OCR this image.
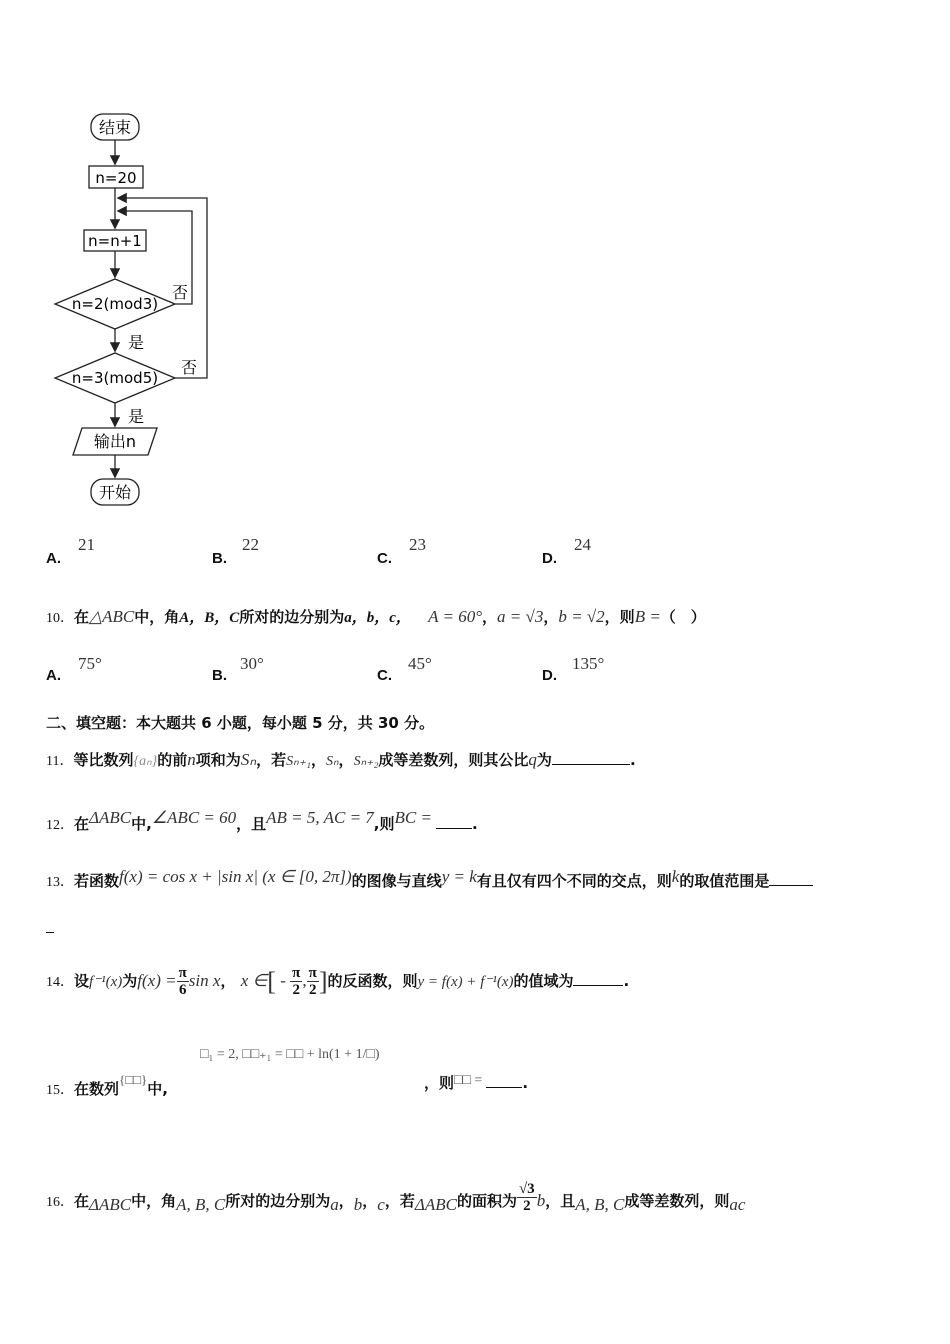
结束
n=20
n=n+1
n=2(mod3)
否
是
n=3(mod5)
否
是
输出n
开始
A.
21
B.
22
C.
23
D.
24
10．在△ABC中，角A，B，C所对的边分别为a，b，c， A = 60°，a = √3，b = √2，则B =（　）
A.
75°
B.
30°
C.
45°
D.
135°
二、填空题：本大题共 6 小题，每小题 5 分，共 30 分。
11．等比数列{aₙ}的前n项和为Sₙ，若Sₙ₊₁，Sₙ，Sₙ₊₂成等差数列，则其公比q为	.
12．在ΔABC中,∠ABC = 60，且AB = 5, AC = 7,则BC =	.
13．若函数f(x) = cos x + |sin x| (x ∈ [0, 2π])的图像与直线y = k有且仅有四个不同的交点，则k的取值范围是
14．设f⁻¹(x)为$f(x) = \frac{\pi}{6}$ sin x， x ∈[ - $\frac{\pi}{2}$ , $\frac{\pi}{2}$ ]的反函数，则y = f(x) + f⁻¹(x)的值域为	.
15．在数列{□□}中,
□₁ = 2, □□₊₁ = □□ + ln(1 + 1/□)
，则□□ =	.
16．在ΔABC中，角A, B, C所对的边分别为a，b，c，若ΔABC的面积为 $\frac{√3}{2}$ b，且A, B, C成等差数列，则ac
